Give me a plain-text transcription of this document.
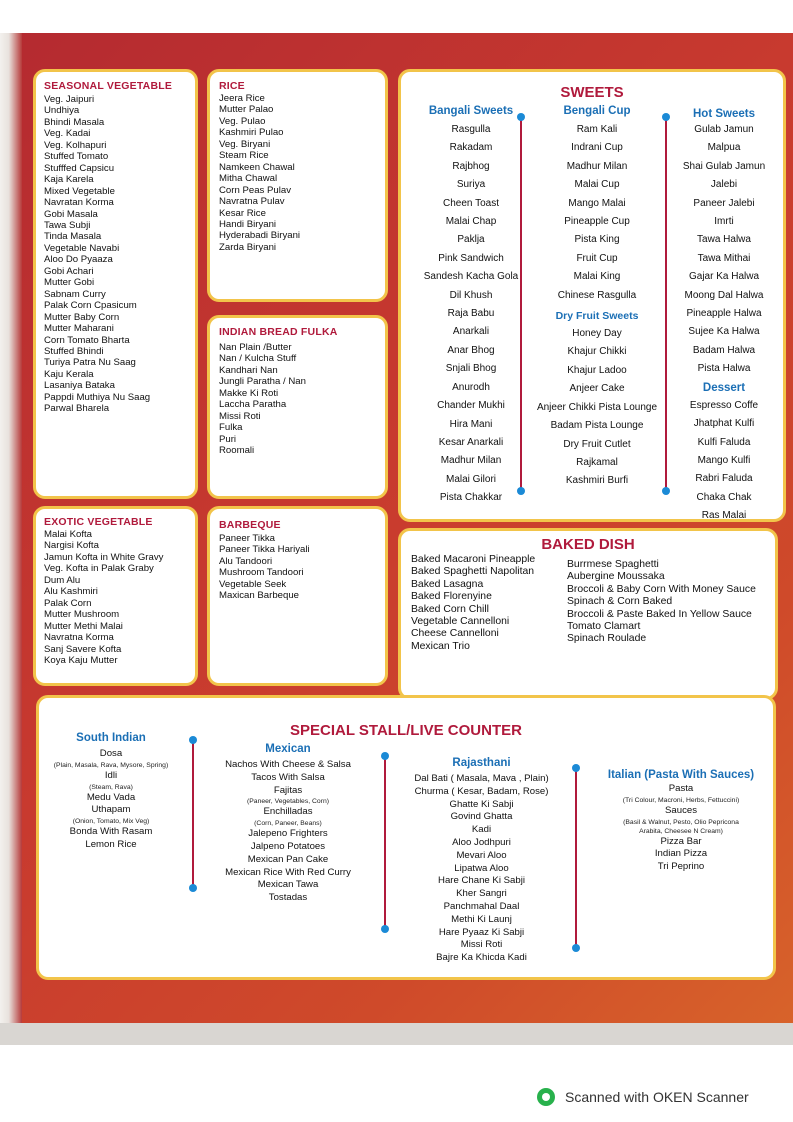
SEASONAL VEGETABLE
Veg. Jaipuri
Undhiya
Bhindi Masala
Veg. Kadai
Veg. Kolhapuri
Stuffed Tomato
Stufffed Capsicu
Kaja Karela
Mixed Vegetable
Navratan Korma
Gobi Masala
Tawa Subji
Tinda Masala
Vegetable Navabi
Aloo Do Pyaaza
Gobi Achari
Mutter Gobi
Sabnam Curry
Palak Corn Cpasicum
Mutter Baby Corn
Mutter Maharani
Corn Tomato Bharta
Stuffed Bhindi
Turiya Patra Nu Saag
Kaju Kerala
Lasaniya Bataka
Pappdi Muthiya Nu Saag
Parwal Bharela
RICE
Jeera Rice
Mutter Palao
Veg. Pulao
Kashmiri Pulao
Veg. Biryani
Steam Rice
Namkeen Chawal
Mitha Chawal
Corn Peas Pulav
Navratna Pulav
Kesar Rice
Handi Biryani
Hyderabadi Biryani
Zarda Biryani
INDIAN BREAD FULKA
Nan Plain /Butter
Nan / Kulcha Stuff
Kandhari Nan
Jungli Paratha / Nan
Makke Ki Roti
Laccha Paratha
Missi Roti
Fulka
Puri
Roomali
EXOTIC VEGETABLE
Malai Kofta
Nargisi Kofta
Jamun Kofta in White Gravy
Veg. Kofta in Palak Graby
Dum Alu
Alu Kashmiri
Palak Corn
Mutter Mushroom
Mutter Methi Malai
Navratna Korma
Sanj Savere Kofta
Koya Kaju Mutter
BARBEQUE
Paneer Tikka
Paneer Tikka Hariyali
Alu Tandoori
Mushroom Tandoori
Vegetable Seek
Maxican Barbeque
SWEETS
Bangali Sweets
Rasgulla
Rakadam
Rajbhog
Suriya
Cheen Toast
Malai Chap
Paklja
Pink Sandwich
Sandesh Kacha Gola
Dil Khush
Raja Babu
Anarkali
Anar Bhog
Snjali Bhog
Anurodh
Chander Mukhi
Hira Mani
Kesar Anarkali
Madhur Milan
Malai Gilori
Pista Chakkar
Bengali Cup
Ram Kali
Indrani Cup
Madhur Milan
Malai Cup
Mango Malai
Pineapple Cup
Pista King
Fruit Cup
Malai King
Chinese Rasgulla
Dry Fruit Sweets
Honey Day
Khajur Chikki
Khajur Ladoo
Anjeer Cake
Anjeer Chikki Pista Lounge
Badam Pista Lounge
Dry Fruit Cutlet
Rajkamal
Kashmiri Burfi
Hot Sweets
Gulab Jamun
Malpua
Shai Gulab Jamun
Jalebi
Paneer Jalebi
Imrti
Tawa Halwa
Tawa Mithai
Gajar Ka Halwa
Moong Dal Halwa
Pineapple Halwa
Sujee Ka Halwa
Badam Halwa
Pista Halwa
Dessert
Espresso Coffe
Jhatphat Kulfi
Kulfi Faluda
Mango Kulfi
Rabri Faluda
Chaka Chak
Ras Malai
BAKED DISH
Baked Macaroni Pineapple
Baked Spaghetti Napolitan
Baked Lasagna
Baked Florenyine
Baked Corn Chill
Vegetable Cannelloni
Cheese Cannelloni
Mexican Trio
Burrmese Spaghetti
Aubergine Moussaka
Broccoli & Baby Corn With Money Sauce
Spinach & Corn Baked
Broccoli & Paste Baked In Yellow Sauce
Tomato Clamart
Spinach Roulade
SPECIAL STALL/LIVE COUNTER
South Indian
Dosa
(Plain, Masala, Rava, Mysore, Spring)
Idli
(Steam, Rava)
Medu Vada
Uthapam
(Onion, Tomato, Mix Veg)
Bonda With Rasam
Lemon Rice
Mexican
Nachos With Cheese & Salsa
Tacos With Salsa
Fajitas
(Paneer, Vegetables, Corn)
Enchilladas
(Corn, Paneer, Beans)
Jalepeno Frighters
Jalpeno Potatoes
Mexican Pan Cake
Mexican Rice With Red Curry
Mexican Tawa
Tostadas
Rajasthani
Dal Bati ( Masala, Mava , Plain)
Churma ( Kesar, Badam, Rose)
Ghatte Ki Sabji
Govind Ghatta
Kadi
Aloo Jodhpuri
Mevari Aloo
Lipatwa Aloo
Hare Chane Ki Sabji
Kher Sangri
Panchmahal Daal
Methi Ki Launj
Hare Pyaaz Ki Sabji
Missi Roti
Bajre Ka Khicda Kadi
Italian (Pasta With Sauces)
Pasta
(Tri Colour, Macroni, Herbs, Fettuccini)
Sauces
(Basil & Walnut, Pesto, Olio Pepricona
Arabita, Cheesee N Cream)
Pizza Bar
Indian Pizza
Tri Peprino
Scanned with OKEN Scanner
